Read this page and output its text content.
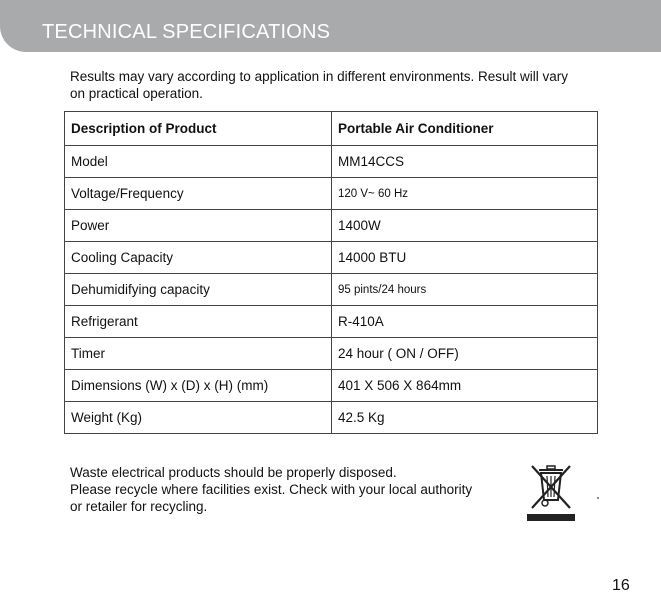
TECHNICAL SPECIFICATIONS
Results may vary according to application in different environments. Result will vary
on practical operation.
Description of Product	Portable Air Conditioner
Model	MM14CCS
Voltage/Frequency	120 V~ 60 Hz
Power	1400W
Cooling Capacity	14000 BTU
Dehumidifying capacity	95 pints/24 hours
Refrigerant	R-410A
Timer	24 hour ( ON / OFF)
Dimensions (W) x (D) x (H) (mm)	401 X 506 X 864mm
Weight (Kg)	42.5 Kg
Waste electrical products should be properly disposed.
Please recycle where facilities exist. Check with your local authority
or retailer for recycling.
16
